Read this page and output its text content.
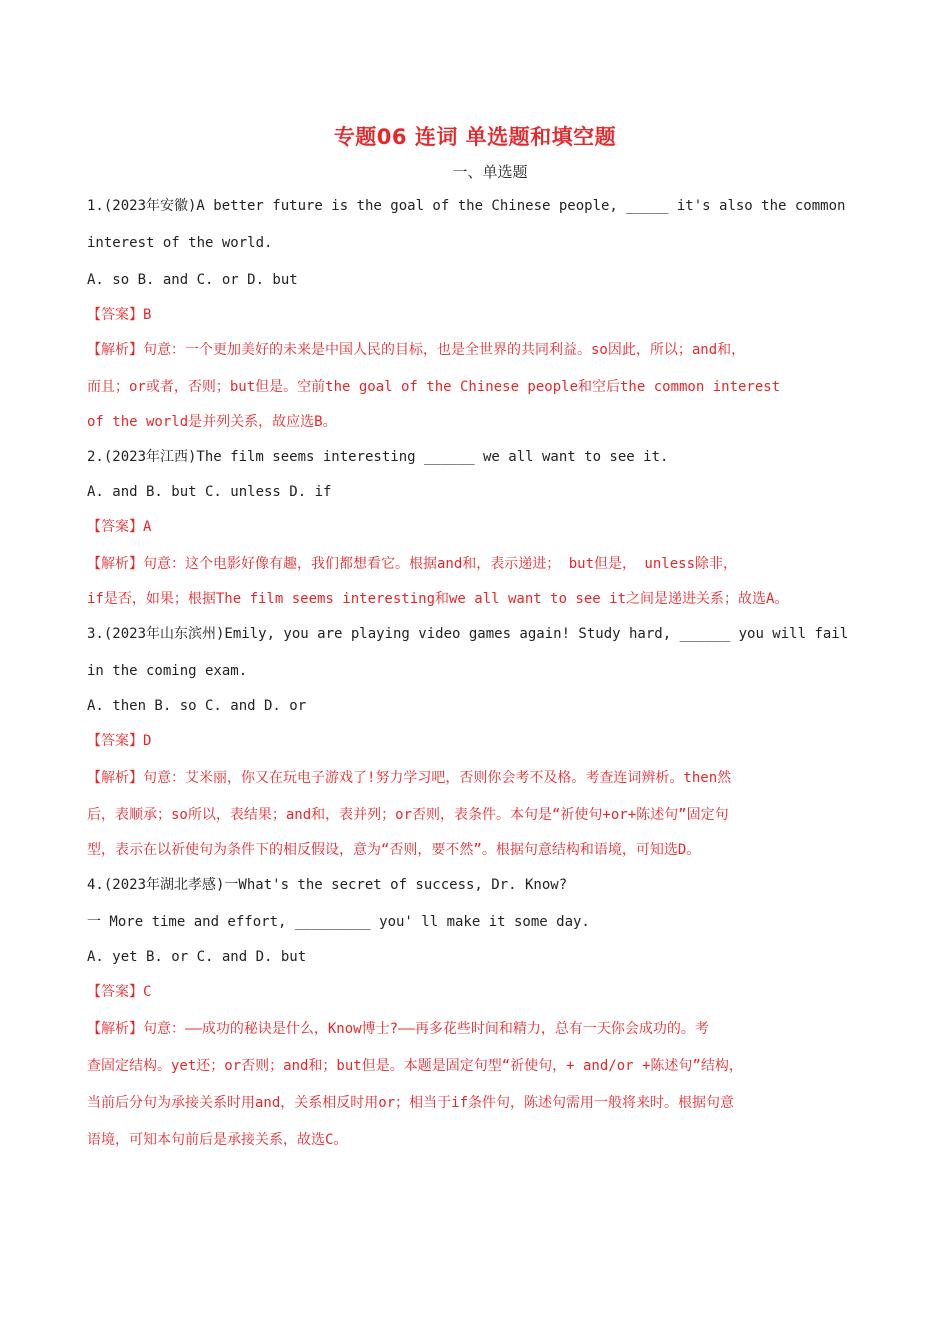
专题06 连词 单选题和填空题
一、单选题
1.(2023年安徽)A better future is the goal of the Chinese people, _____ it's also the common
interest of the world.
A. so B. and C. or D. but
【答案】B
【解析】句意：一个更加美好的未来是中国人民的目标，也是全世界的共同利益。so因此，所以；and和，
而且；or或者，否则；but但是。空前the goal of the Chinese people和空后the common interest
of the world是并列关系，故应选B。
2.(2023年江西)The film seems interesting ______ we all want to see it.
A. and B. but C. unless D. if
【答案】A
【解析】句意：这个电影好像有趣，我们都想看它。根据and和，表示递进； but但是， unless除非，
if是否，如果；根据The film seems interesting和we all want to see it之间是递进关系；故选A。
3.(2023年山东滨州)Emily, you are playing video games again! Study hard, ______ you will fail
in the coming exam.
A. then B. so C. and D. or
【答案】D
【解析】句意：艾米丽，你又在玩电子游戏了!努力学习吧，否则你会考不及格。考查连词辨析。then然
后，表顺承；so所以，表结果；and和，表并列；or否则，表条件。本句是“祈使句+or+陈述句”固定句
型，表示在以祈使句为条件下的相反假设，意为“否则，要不然”。根据句意结构和语境，可知选D。
4.(2023年湖北孝感)一What's the secret of success, Dr. Know?
一 More time and effort, _________ you' ll make it some day.
A. yet B. or C. and D. but
【答案】C
【解析】句意：——成功的秘诀是什么，Know博士?——再多花些时间和精力，总有一天你会成功的。考
查固定结构。yet还；or否则；and和；but但是。本题是固定句型“祈使句，+ and/or +陈述句”结构，
当前后分句为承接关系时用and，关系相反时用or；相当于if条件句，陈述句需用一般将来时。根据句意
语境，可知本句前后是承接关系，故选C。
